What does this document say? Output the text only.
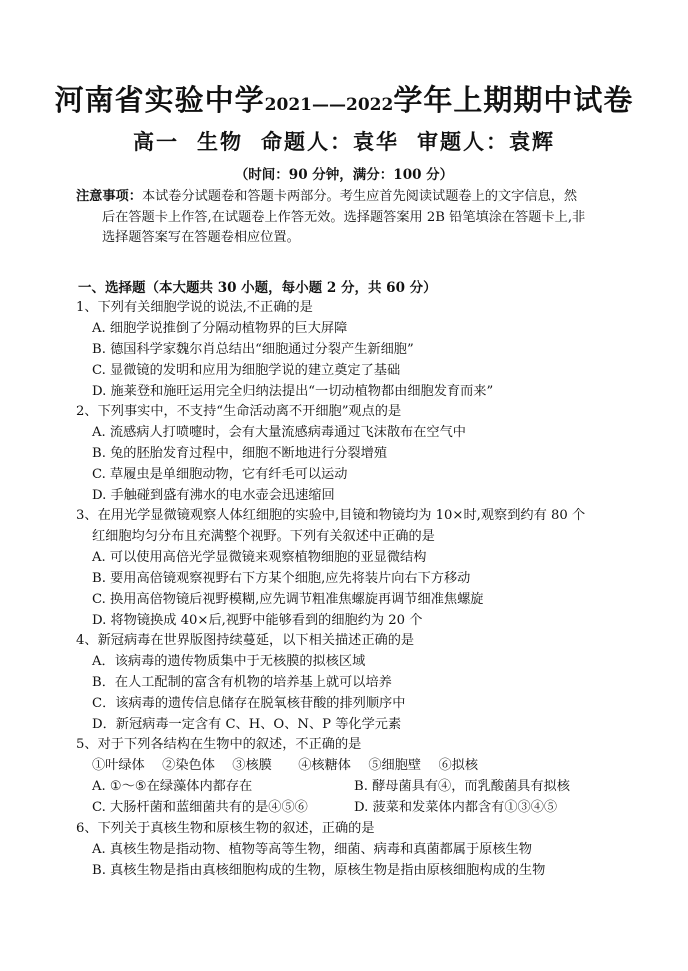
河南省实验中学2021——2022学年上期期中试卷
高一 生物 命题人：袁华 审题人：袁辉
（时间：90 分钟，满分：100 分）
注意事项：本试卷分试题卷和答题卡两部分。考生应首先阅读试题卷上的文字信息，然
后在答题卡上作答,在试题卷上作答无效。选择题答案用 2B 铅笔填涂在答题卡上,非
选择题答案写在答题卷相应位置。
一、选择题（本大题共 30 小题，每小题 2 分，共 60 分）
1、下列有关细胞学说的说法,不正确的是
A. 细胞学说推倒了分隔动植物界的巨大屏障
B. 德国科学家魏尔肖总结出“细胞通过分裂产生新细胞”
C. 显微镜的发明和应用为细胞学说的建立奠定了基础
D. 施莱登和施旺运用完全归纳法提出“一切动植物都由细胞发育而来”
2、下列事实中，不支持“生命活动离不开细胞”观点的是
A. 流感病人打喷嚏时，会有大量流感病毒通过飞沫散布在空气中
B. 兔的胚胎发育过程中，细胞不断地进行分裂增殖
C. 草履虫是单细胞动物，它有纤毛可以运动
D. 手触碰到盛有沸水的电水壶会迅速缩回
3、在用光学显微镜观察人体红细胞的实验中,目镜和物镜均为 10×时,观察到约有 80 个
红细胞均匀分布且充满整个视野。下列有关叙述中正确的是
A. 可以使用高倍光学显微镜来观察植物细胞的亚显微结构
B. 要用高倍镜观察视野右下方某个细胞,应先将装片向右下方移动
C. 换用高倍物镜后视野模糊,应先调节粗准焦螺旋再调节细准焦螺旋
D. 将物镜换成 40×后,视野中能够看到的细胞约为 20 个
4、新冠病毒在世界版图持续蔓延，以下相关描述正确的是
A．该病毒的遗传物质集中于无核膜的拟核区域
B．在人工配制的富含有机物的培养基上就可以培养
C．该病毒的遗传信息储存在脱氧核苷酸的排列顺序中
D．新冠病毒一定含有 C、H、O、N、P 等化学元素
5、对于下列各结构在生物中的叙述，不正确的是
①叶绿体　 ②染色体　 ③核膜　　④核糖体　 ⑤细胞壁　 ⑥拟核
A. ①～⑤在绿藻体内都存在	B. 酵母菌具有④，而乳酸菌具有拟核
C. 大肠杆菌和蓝细菌共有的是④⑤⑥	D. 菠菜和发菜体内都含有①③④⑤
6、下列关于真核生物和原核生物的叙述，正确的是
A. 真核生物是指动物、植物等高等生物，细菌、病毒和真菌都属于原核生物
B. 真核生物是指由真核细胞构成的生物，原核生物是指由原核细胞构成的生物
